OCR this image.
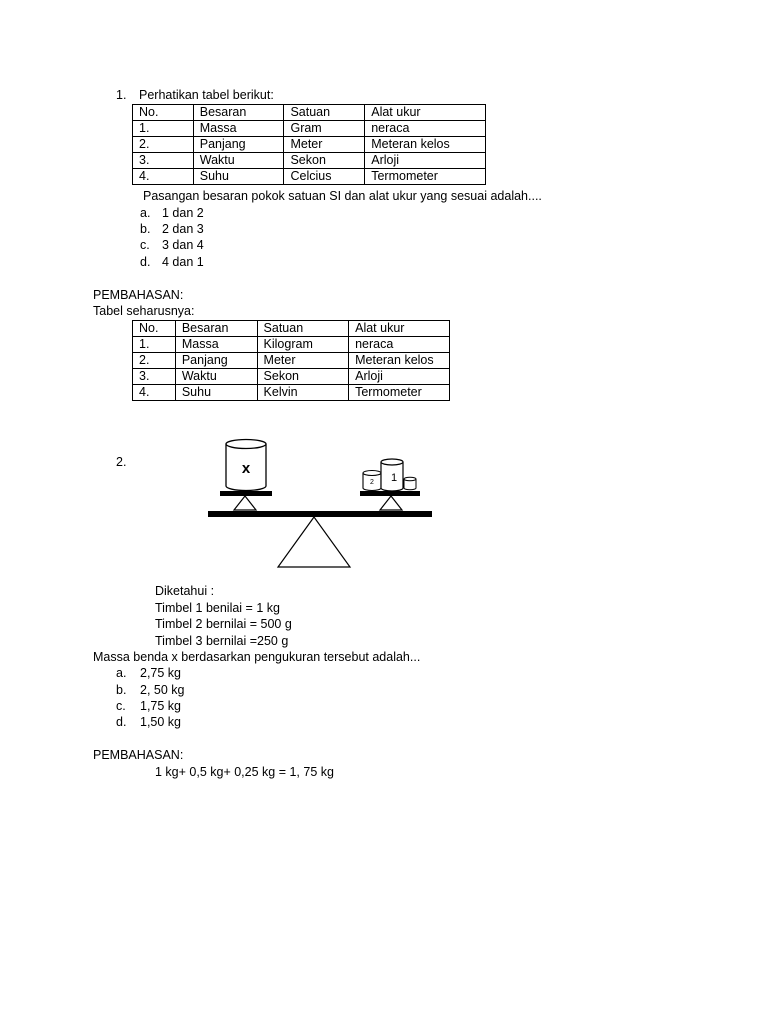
1. Perhatikan tabel berikut:
No.	Besaran	Satuan	Alat ukur
1.	Massa	Gram	neraca
2.	Panjang	Meter	Meteran kelos
3.	Waktu	Sekon	Arloji
4.	Suhu	Celcius	Termometer
Pasangan besaran pokok satuan SI dan alat ukur yang sesuai adalah....
a. 1 dan 2
b. 2 dan 3
c. 3 dan 4
d. 4 dan 1
PEMBAHASAN:
Tabel seharusnya:
No.	Besaran	Satuan	Alat ukur
1.	Massa	Kilogram	neraca
2.	Panjang	Meter	Meteran kelos
3.	Waktu	Sekon	Arloji
4.	Suhu	Kelvin	Termometer
2.	x
2 1
Diketahui :
Timbel 1 benilai = 1 kg
Timbel 2 bernilai = 500 g
Timbel 3 bernilai =250 g
Massa benda x berdasarkan pengukuran tersebut adalah...
a. 2,75 kg
b. 2, 50 kg
c. 1,75 kg
d. 1,50 kg
PEMBAHASAN:
1 kg+ 0,5 kg+ 0,25 kg = 1, 75 kg
